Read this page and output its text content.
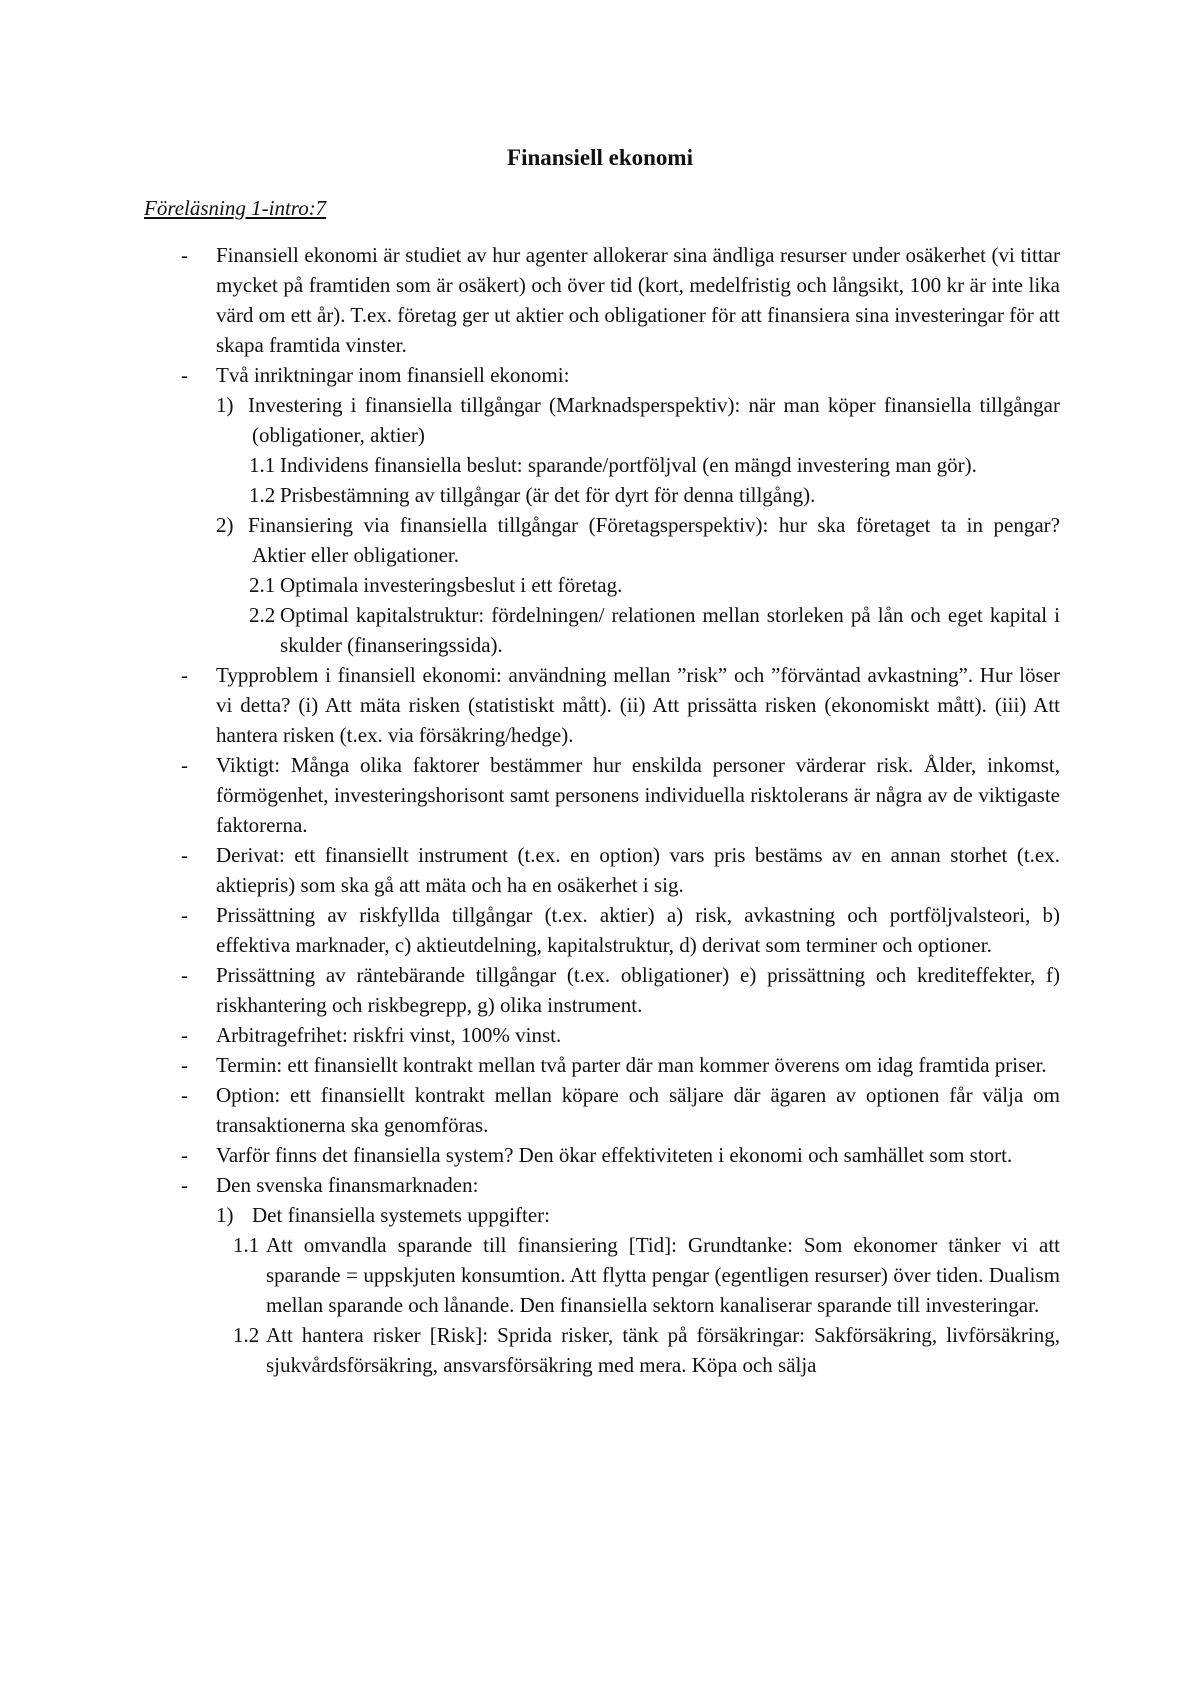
Finansiell ekonomi

Föreläsning 1-intro:7

- Finansiell ekonomi är studiet av hur agenter allokerar sina ändliga resurser under osäkerhet (vi tittar mycket på framtiden som är osäkert) och över tid (kort, medelfristig och långsikt, 100 kr är inte lika värd om ett år). T.ex. företag ger ut aktier och obligationer för att finansiera sina investeringar för att skapa framtida vinster.
- Två inriktningar inom finansiell ekonomi:
1) Investering i finansiella tillgångar (Marknadsperspektiv): när man köper finansiella tillgångar (obligationer, aktier)
1.1 Individens finansiella beslut: sparande/portföljval (en mängd investering man gör).
1.2 Prisbestämning av tillgångar (är det för dyrt för denna tillgång).
2) Finansiering via finansiella tillgångar (Företagsperspektiv): hur ska företaget ta in pengar? Aktier eller obligationer.
2.1 Optimala investeringsbeslut i ett företag.
2.2 Optimal kapitalstruktur: fördelningen/ relationen mellan storleken på lån och eget kapital i skulder (finanseringssida).
- Typproblem i finansiell ekonomi: användning mellan ”risk” och ”förväntad avkastning”. Hur löser vi detta? (i) Att mäta risken (statistiskt mått). (ii) Att prissätta risken (ekonomiskt mått). (iii) Att hantera risken (t.ex. via försäkring/hedge).
- Viktigt: Många olika faktorer bestämmer hur enskilda personer värderar risk. Ålder, inkomst, förmögenhet, investeringshorisont samt personens individuella risktolerans är några av de viktigaste faktorerna.
- Derivat: ett finansiellt instrument (t.ex. en option) vars pris bestäms av en annan storhet (t.ex. aktiepris) som ska gå att mäta och ha en osäkerhet i sig.
- Prissättning av riskfyllda tillgångar (t.ex. aktier) a) risk, avkastning och portföljvalsteori, b) effektiva marknader, c) aktieutdelning, kapitalstruktur, d) derivat som terminer och optioner.
- Prissättning av räntebärande tillgångar (t.ex. obligationer) e) prissättning och krediteffekter, f) riskhantering och riskbegrepp, g) olika instrument.
- Arbitragefrihet: riskfri vinst, 100% vinst.
- Termin: ett finansiellt kontrakt mellan två parter där man kommer överens om idag framtida priser.
- Option: ett finansiellt kontrakt mellan köpare och säljare där ägaren av optionen får välja om transaktionerna ska genomföras.
- Varför finns det finansiella system? Den ökar effektiviteten i ekonomi och samhället som stort.
- Den svenska finansmarknaden:
1) Det finansiella systemets uppgifter:
1.1 Att omvandla sparande till finansiering [Tid]: Grundtanke: Som ekonomer tänker vi att sparande = uppskjuten konsumtion. Att flytta pengar (egentligen resurser) över tiden. Dualism mellan sparande och lånande. Den finansiella sektorn kanaliserar sparande till investeringar.
1.2 Att hantera risker [Risk]: Sprida risker, tänk på försäkringar: Sakförsäkring, livförsäkring, sjukvårdsförsäkring, ansvarsförsäkring med mera. Köpa och sälja
